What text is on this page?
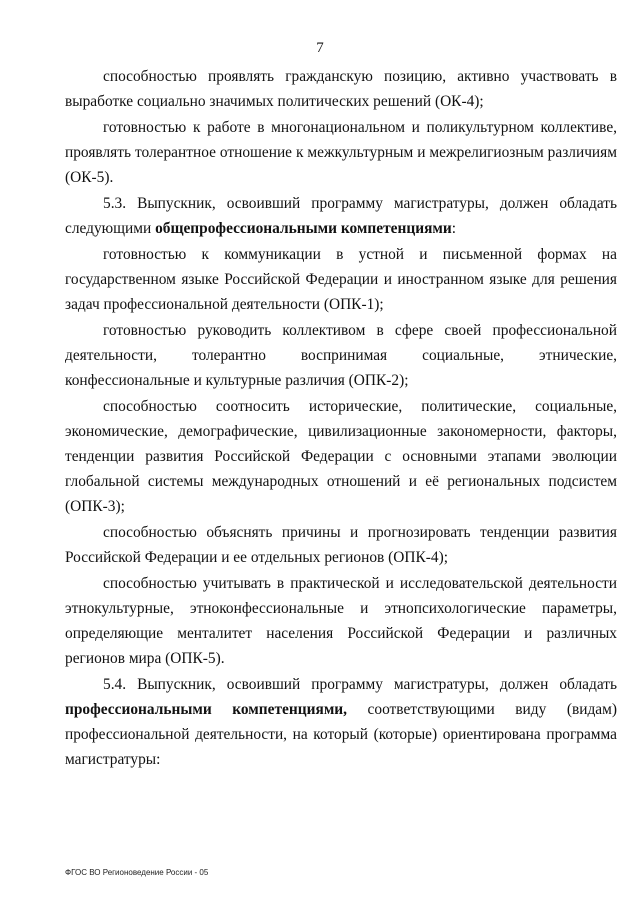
7

способностью проявлять гражданскую позицию, активно участвовать в выработке социально значимых политических решений (ОК-4);

готовностью к работе в многонациональном и поликультурном коллективе, проявлять толерантное отношение к межкультурным и межрелигиозным различиям (ОК-5).

5.3. Выпускник, освоивший программу магистратуры, должен обладать следующими общепрофессиональными компетенциями:

готовностью к коммуникации в устной и письменной формах на государственном языке Российской Федерации и иностранном языке для решения задач профессиональной деятельности (ОПК-1);

готовностью руководить коллективом в сфере своей профессиональной деятельности, толерантно воспринимая социальные, этнические, конфессиональные и культурные различия (ОПК-2);

способностью соотносить исторические, политические, социальные, экономические, демографические, цивилизационные закономерности, факторы, тенденции развития Российской Федерации с основными этапами эволюции глобальной системы международных отношений и её региональных подсистем (ОПК-3);

способностью объяснять причины и прогнозировать тенденции развития Российской Федерации и ее отдельных регионов (ОПК-4);

способностью учитывать в практической и исследовательской деятельности этнокультурные, этноконфессиональные и этнопсихологические параметры, определяющие менталитет населения Российской Федерации и различных регионов мира (ОПК-5).

5.4. Выпускник, освоивший программу магистратуры, должен обладать профессиональными компетенциями, соответствующими виду (видам) профессиональной деятельности, на который (которые) ориентирована программа магистратуры:

ФГОС ВО Регионоведение России - 05
